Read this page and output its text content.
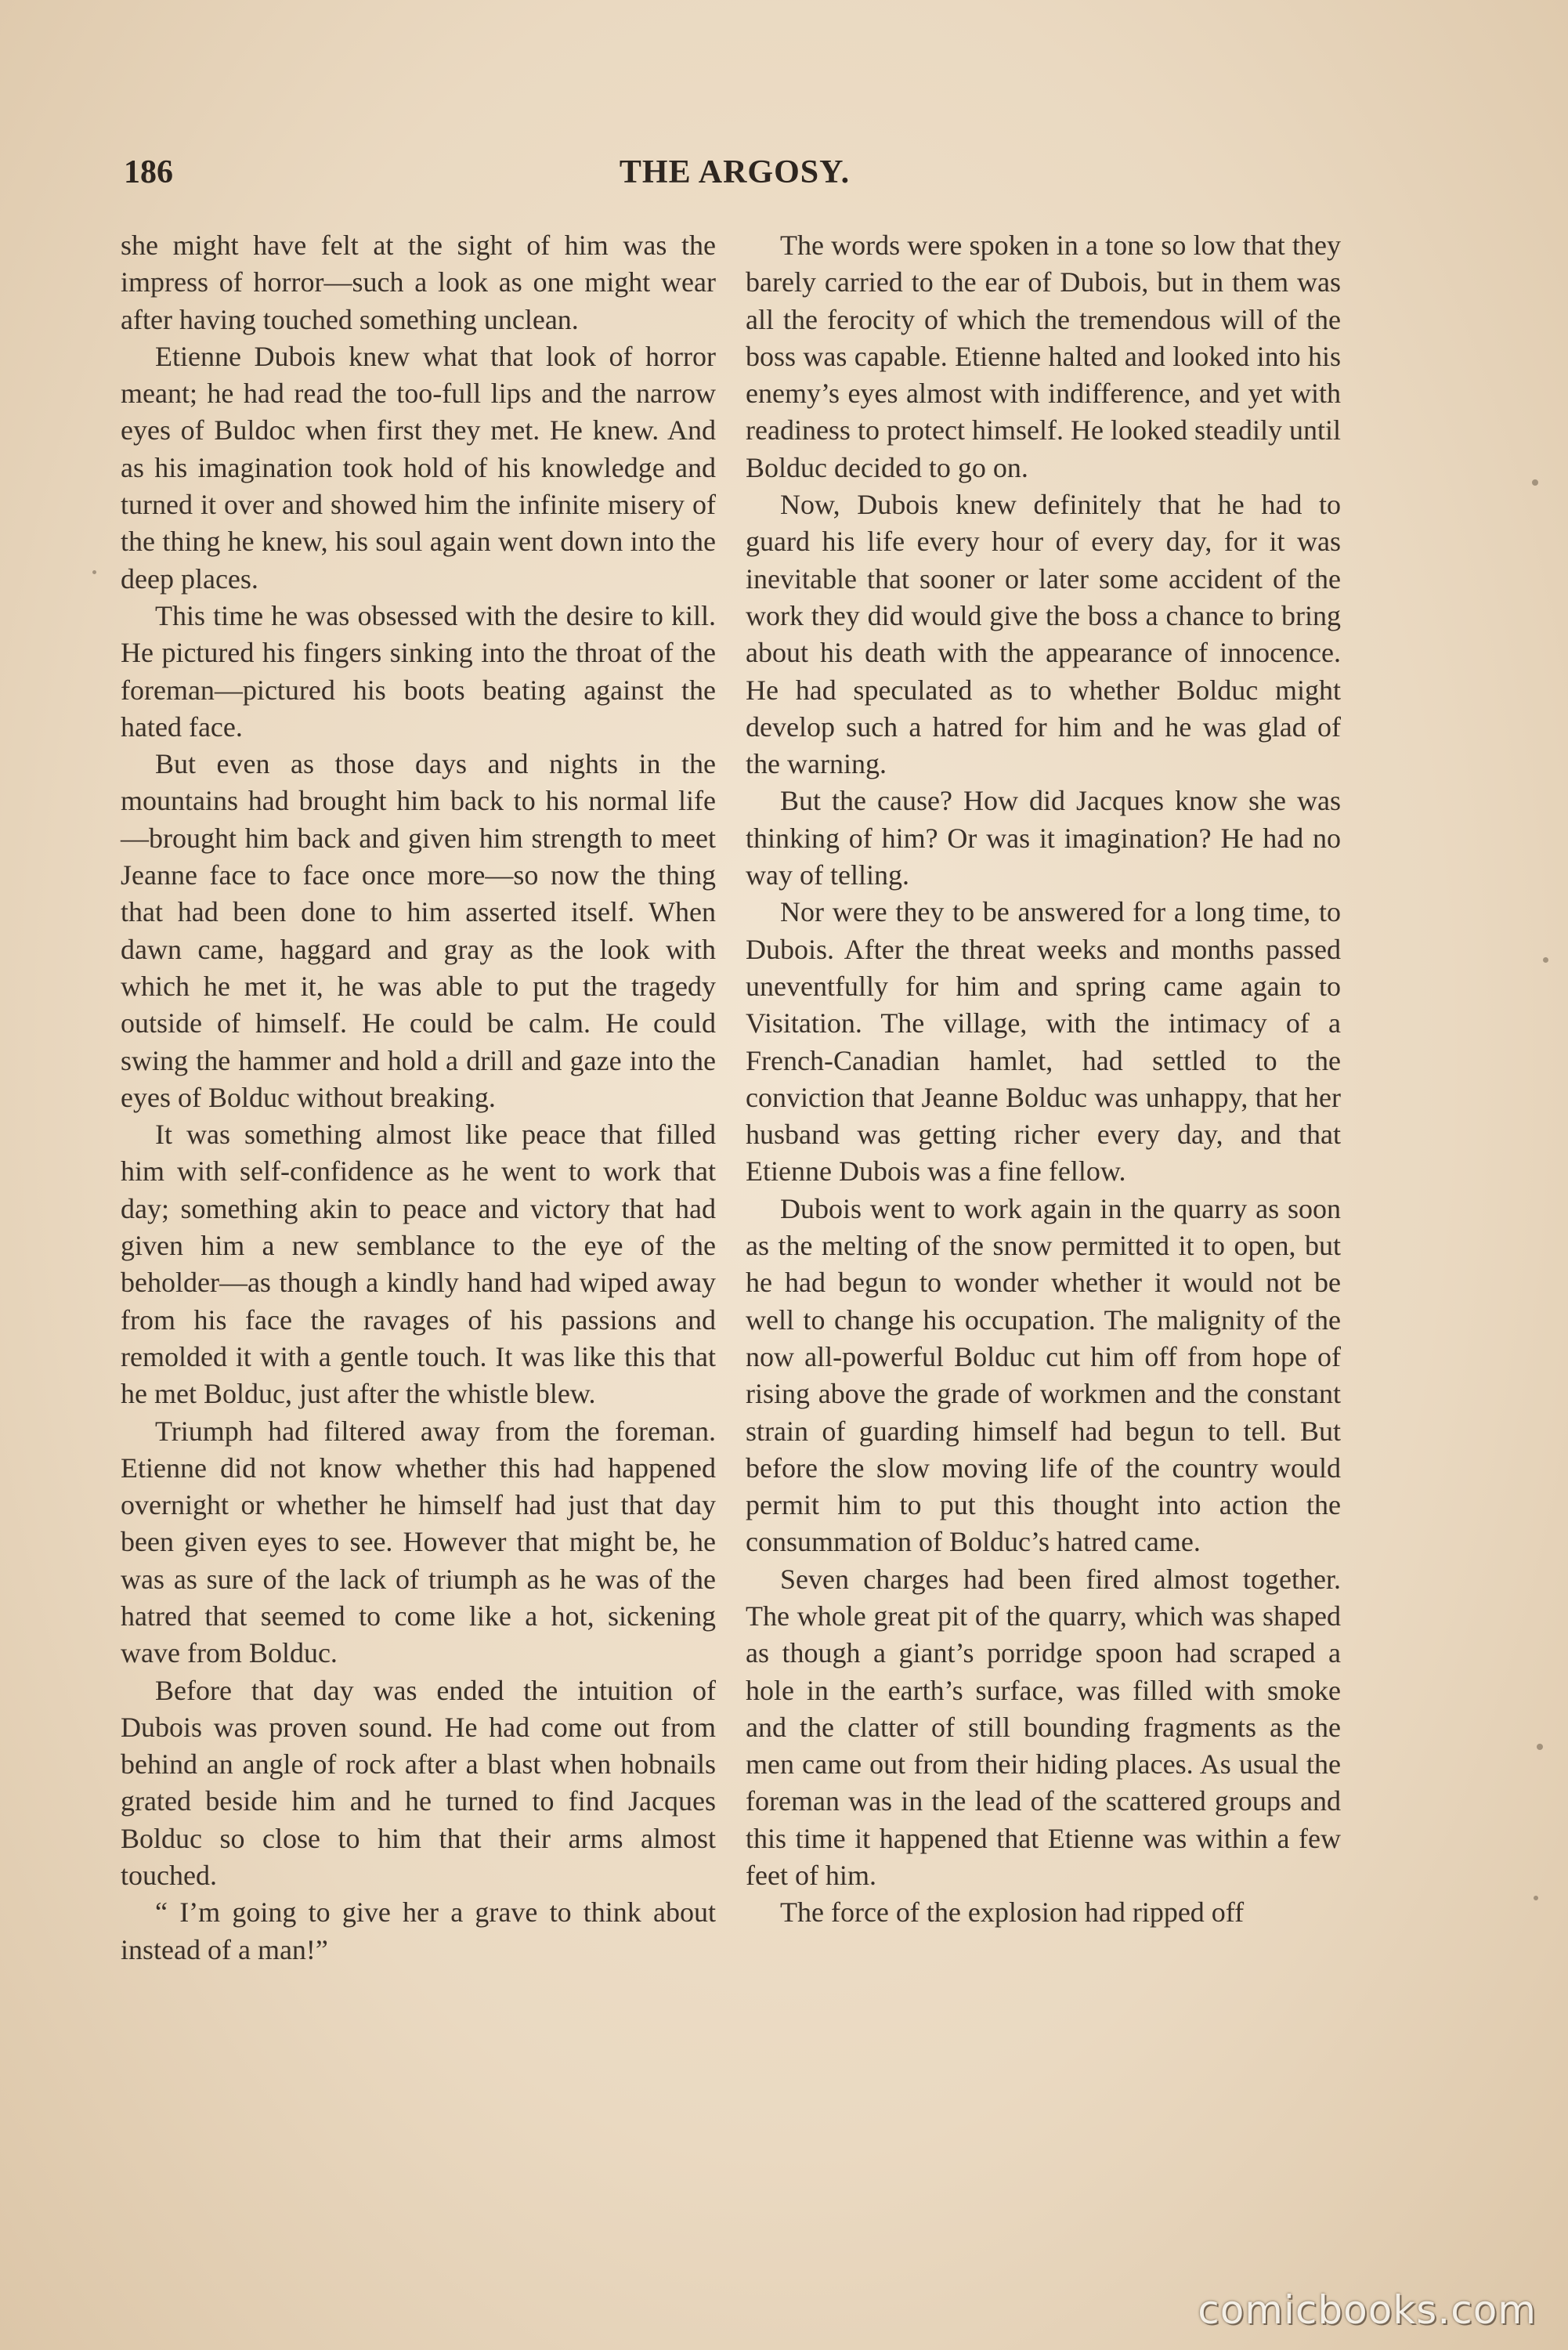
186	THE ARGOSY.

she might have felt at the sight of him was the impress of horror—such a look as one might wear after having touched something unclean.

Etienne Dubois knew what that look of horror meant; he had read the too-full lips and the narrow eyes of Buldoc when first they met. He knew. And as his imagination took hold of his knowledge and turned it over and showed him the infinite misery of the thing he knew, his soul again went down into the deep places.

This time he was obsessed with the desire to kill. He pictured his fingers sinking into the throat of the foreman—pictured his boots beating against the hated face.

But even as those days and nights in the mountains had brought him back to his normal life—brought him back and given him strength to meet Jeanne face to face once more—so now the thing that had been done to him asserted itself. When dawn came, haggard and gray as the look with which he met it, he was able to put the tragedy outside of himself. He could be calm. He could swing the hammer and hold a drill and gaze into the eyes of Bolduc without breaking.

It was something almost like peace that filled him with self-confidence as he went to work that day; something akin to peace and victory that had given him a new semblance to the eye of the beholder—as though a kindly hand had wiped away from his face the ravages of his passions and remolded it with a gentle touch. It was like this that he met Bolduc, just after the whistle blew.

Triumph had filtered away from the foreman. Etienne did not know whether this had happened overnight or whether he himself had just that day been given eyes to see. However that might be, he was as sure of the lack of triumph as he was of the hatred that seemed to come like a hot, sickening wave from Bolduc.

Before that day was ended the intuition of Dubois was proven sound. He had come out from behind an angle of rock after a blast when hobnails grated beside him and he turned to find Jacques Bolduc so close to him that their arms almost touched.

“ I’m going to give her a grave to think about instead of a man!”

The words were spoken in a tone so low that they barely carried to the ear of Dubois, but in them was all the ferocity of which the tremendous will of the boss was capable. Etienne halted and looked into his enemy’s eyes almost with indifference, and yet with readiness to protect himself. He looked steadily until Bolduc decided to go on.

Now, Dubois knew definitely that he had to guard his life every hour of every day, for it was inevitable that sooner or later some accident of the work they did would give the boss a chance to bring about his death with the appearance of innocence. He had speculated as to whether Bolduc might develop such a hatred for him and he was glad of the warning.

But the cause? How did Jacques know she was thinking of him? Or was it imagination? He had no way of telling.

Nor were they to be answered for a long time, to Dubois. After the threat weeks and months passed uneventfully for him and spring came again to Visitation. The village, with the intimacy of a French-Canadian hamlet, had settled to the conviction that Jeanne Bolduc was unhappy, that her husband was getting richer every day, and that Etienne Dubois was a fine fellow.

Dubois went to work again in the quarry as soon as the melting of the snow permitted it to open, but he had begun to wonder whether it would not be well to change his occupation. The malignity of the now all-powerful Bolduc cut him off from hope of rising above the grade of workmen and the constant strain of guarding himself had begun to tell. But before the slow moving life of the country would permit him to put this thought into action the consummation of Bolduc’s hatred came.

Seven charges had been fired almost together. The whole great pit of the quarry, which was shaped as though a giant’s porridge spoon had scraped a hole in the earth’s surface, was filled with smoke and the clatter of still bounding fragments as the men came out from their hiding places. As usual the foreman was in the lead of the scattered groups and this time it happened that Etienne was within a few feet of him.

The force of the explosion had ripped off

comicbooks.com
